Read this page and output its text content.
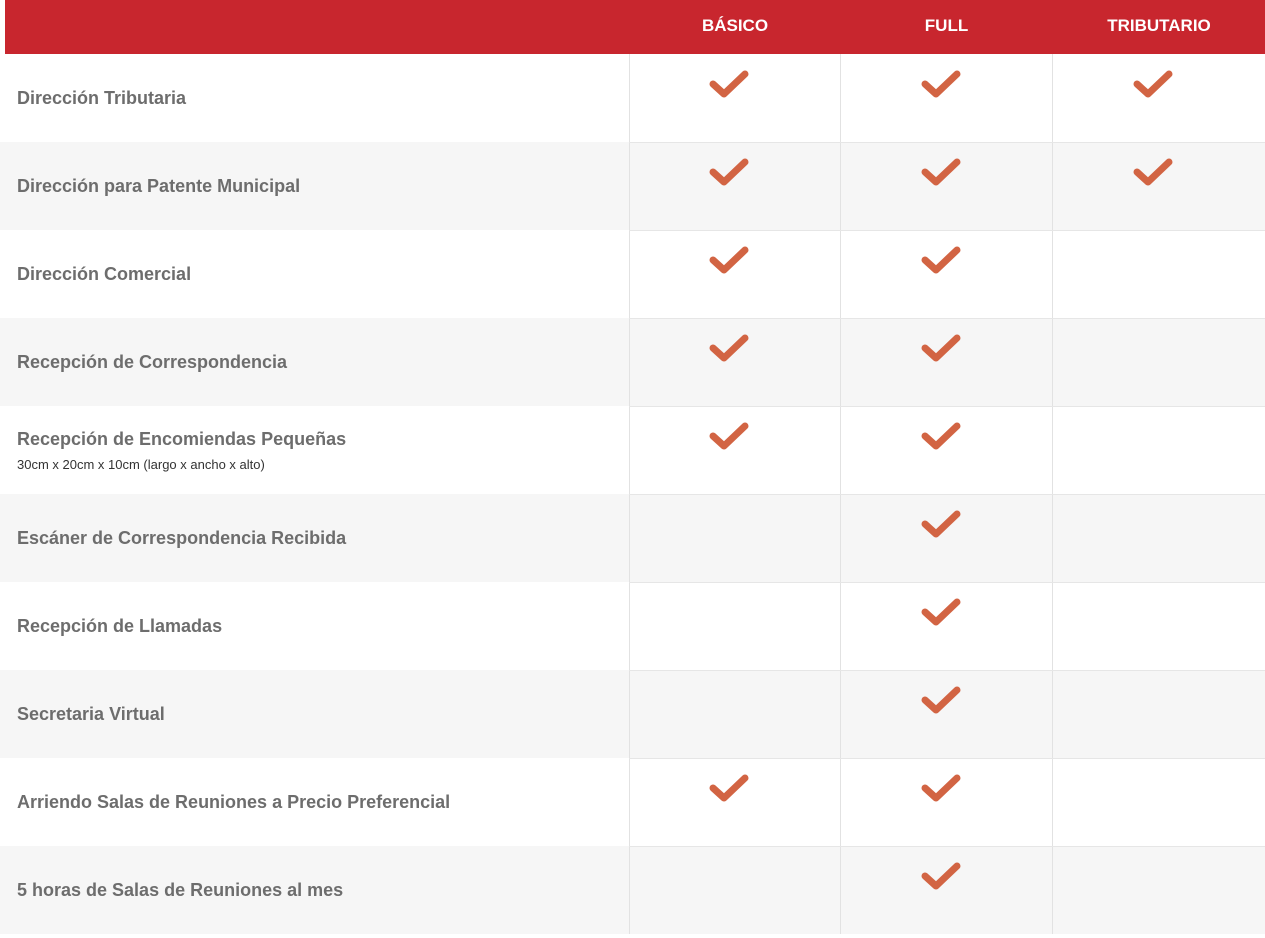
BÁSICO	FULL	TRIBUTARIO
Dirección Tributaria
Dirección para Patente Municipal
Dirección Comercial
Recepción de Correspondencia
Recepción de Encomiendas Pequeñas
30cm x 20cm x 10cm (largo x ancho x alto)
Escáner de Correspondencia Recibida
Recepción de Llamadas
Secretaria Virtual
Arriendo Salas de Reuniones a Precio Preferencial
5 horas de Salas de Reuniones al mes
